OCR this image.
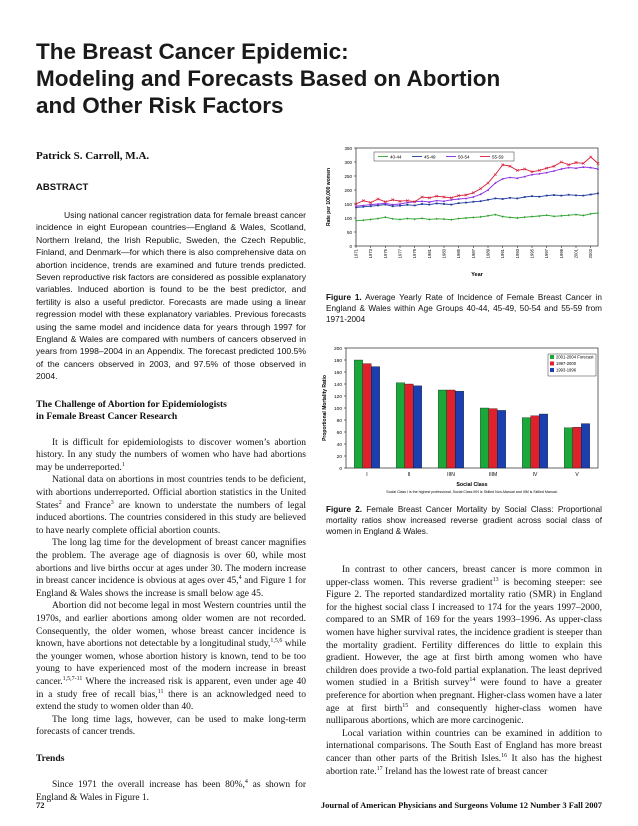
The Breast Cancer Epidemic:
Modeling and Forecasts Based on Abortion
and Other Risk Factors

Patrick S. Carroll, M.A.

ABSTRACT

Using national cancer registration data for female breast cancer incidence in eight European countries—England & Wales, Scotland, Northern Ireland, the Irish Republic, Sweden, the Czech Republic, Finland, and Denmark—for which there is also comprehensive data on abortion incidence, trends are examined and future trends predicted. Seven reproductive risk factors are considered as possible explanatory variables. Induced abortion is found to be the best predictor, and fertility is also a useful predictor. Forecasts are made using a linear regression model with these explanatory variables. Previous forecasts using the same model and incidence data for years through 1997 for England & Wales are compared with numbers of cancers observed in years from 1998–2004 in an Appendix. The forecast predicted 100.5% of the cancers observed in 2003, and 97.5% of those observed in 2004.

The Challenge of Abortion for Epidemiologists
in Female Breast Cancer Research

It is difficult for epidemiologists to discover women’s abortion history. In any study the numbers of women who have had abortions may be underreported.$^1$

National data on abortions in most countries tends to be deficient, with abortions underreported. Official abortion statistics in the United States$^2$ and France$^3$ are known to understate the numbers of legal induced abortions. The countries considered in this study are believed to have nearly complete official abortion counts.

The long lag time for the development of breast cancer magnifies the problem. The average age of diagnosis is over 60, while most abortions and live births occur at ages under 30. The modern increase in breast cancer incidence is obvious at ages over 45,$^4$ and Figure 1 for England & Wales shows the increase is small below age 45.

Abortion did not become legal in most Western countries until the 1970s, and earlier abortions among older women are not recorded. Consequently, the older women, whose breast cancer incidence is known, have abortions not detectable by a longitudinal study,$^{1,5,6}$ while the younger women, whose abortion history is known, tend to be too young to have experienced most of the modern increase in breast cancer.$^{1,5,7-11}$ Where the increased risk is apparent, even under age 40 in a study free of recall bias,$^{11}$ there is an acknowledged need to extend the study to women older than 40.

The long time lags, however, can be used to make long-term forecasts of cancer trends.

Trends

Since 1971 the overall increase has been 80%,$^4$ as shown for England & Wales in Figure 1.

0
50
100
150
200
250
300
350
1971 1973 1975 1977 1979 1981 1983 1985 1987 1989 1991 1993 1995 1997 1999 2001 2003
Year
Rate per 100,000 women
40-44	45-49	50-54	55-59

Figure 1. Average Yearly Rate of Incidence of Female Breast Cancer in England & Wales within Age Groups 40-44, 45-49, 50-54 and 55-59 from 1971-2004

0
20
40
60
80
100
120
140
160
180
200
I	II	IIIN	IIIM	IV	V
Social Class
Social Class I is the highest professional, Social Class IIIN is Skilled Non-Manual and IIIM is Skilled Manual.
Proportional Mortality Ratio
2001-2004 Forecast
1997-2000
1993-1996

Figure 2. Female Breast Cancer Mortality by Social Class: Proportional mortality ratios show increased reverse gradient across social class of women in England & Wales.

In contrast to other cancers, breast cancer is more common in upper-class women. This reverse gradient$^{13}$ is becoming steeper: see Figure 2. The reported standardized mortality ratio (SMR) in England for the highest social class I increased to 174 for the years 1997–2000, compared to an SMR of 169 for the years 1993–1996. As upper-class women have higher survival rates, the incidence gradient is steeper than the mortality gradient. Fertility differences do little to explain this gradient. However, the age at first birth among women who have children does provide a two-fold partial explanation. The least deprived women studied in a British survey$^{14}$ were found to have a greater preference for abortion when pregnant. Higher-class women have a later age at first birth$^{15}$ and consequently higher-class women have nulliparous abortions, which are more carcinogenic.

Local variation within countries can be examined in addition to international comparisons. The South East of England has more breast cancer than other parts of the British Isles.$^{16}$ It also has the highest abortion rate.$^{17}$ Ireland has the lowest rate of breast cancer

72	Journal of American Physicians and Surgeons Volume 12 Number 3 Fall 2007
